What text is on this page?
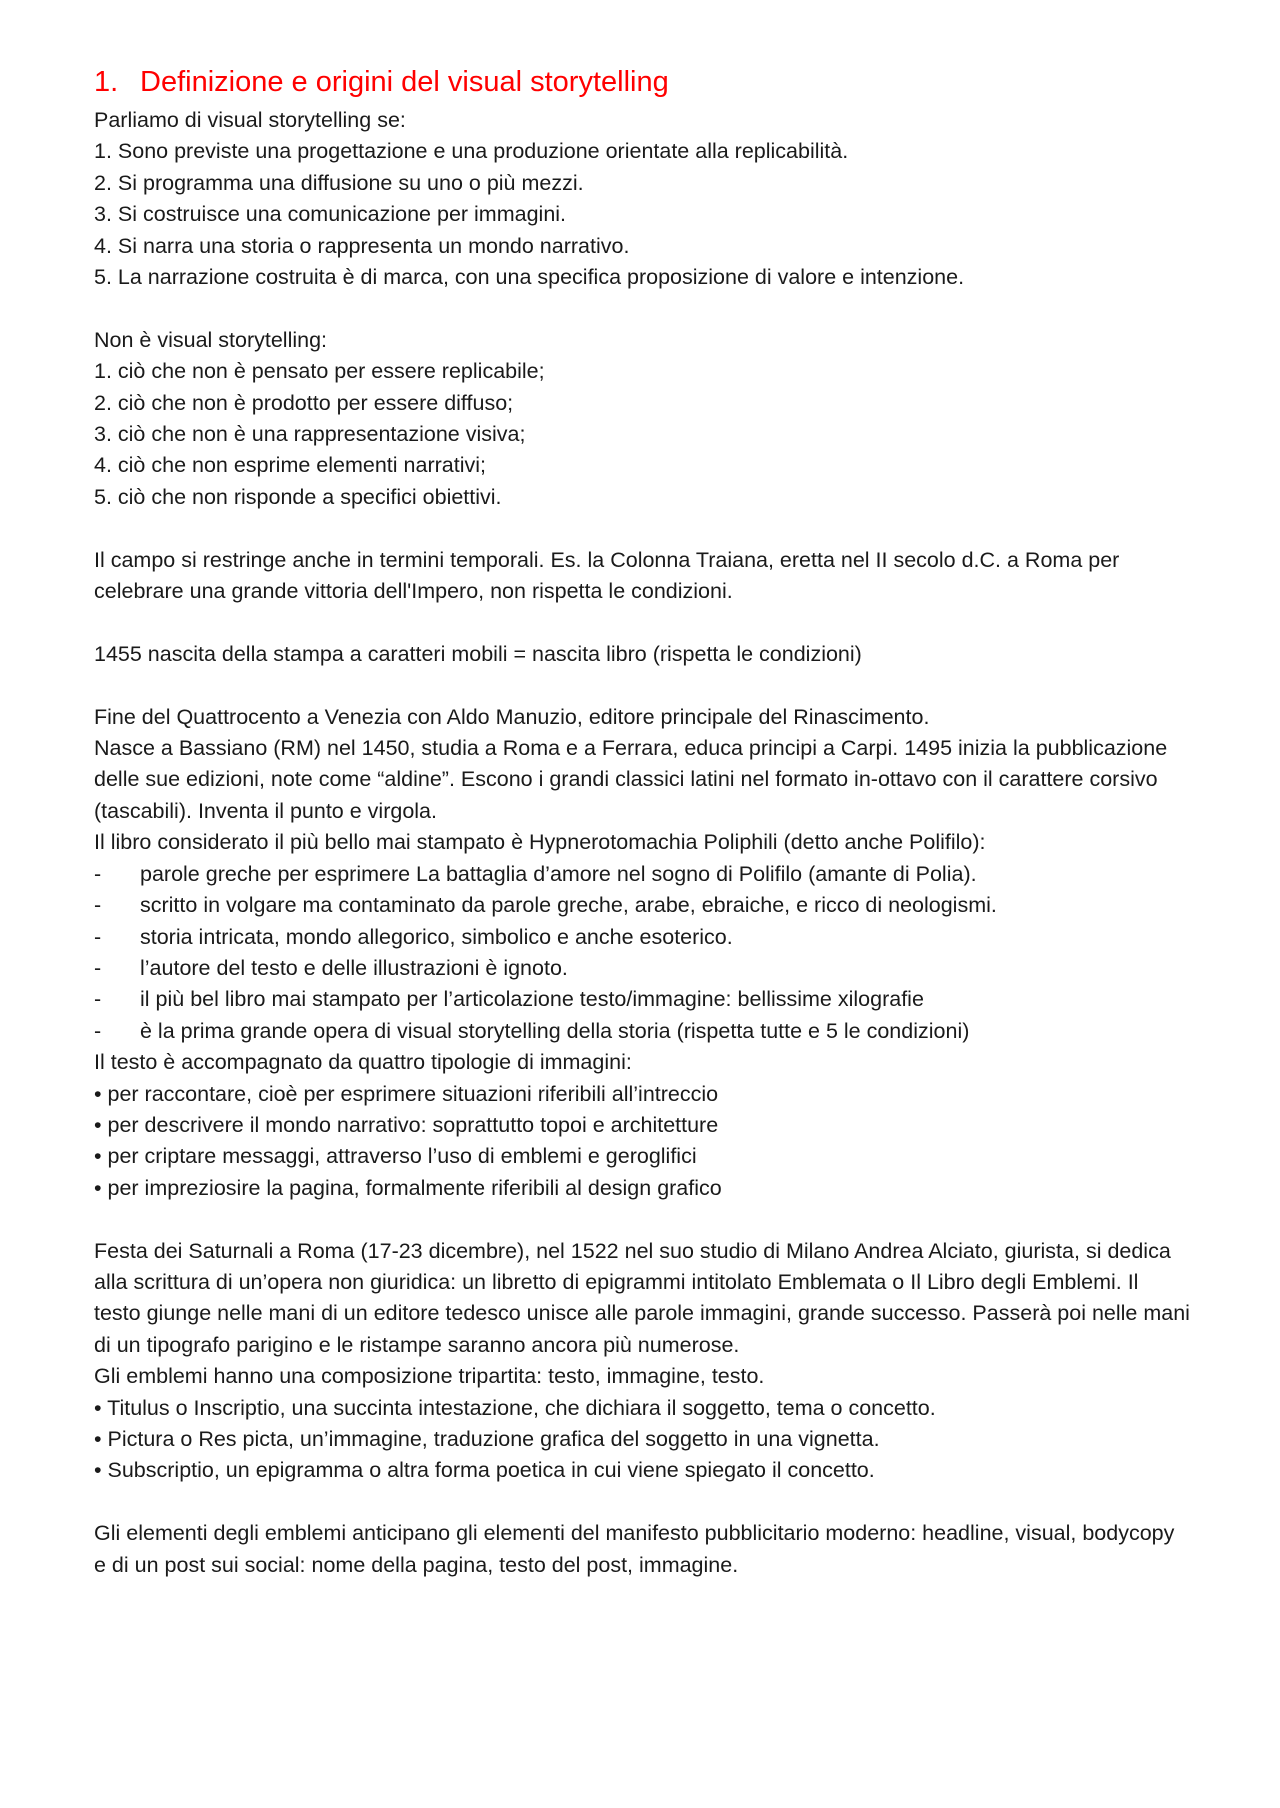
1. Definizione e origini del visual storytelling

Parliamo di visual storytelling se:

1. Sono previste una progettazione e una produzione orientate alla replicabilità.

2. Si programma una diffusione su uno o più mezzi.

3. Si costruisce una comunicazione per immagini.

4. Si narra una storia o rappresenta un mondo narrativo.

5. La narrazione costruita è di marca, con una specifica proposizione di valore e intenzione.

Non è visual storytelling:

1. ciò che non è pensato per essere replicabile;

2. ciò che non è prodotto per essere diffuso;

3. ciò che non è una rappresentazione visiva;

4. ciò che non esprime elementi narrativi;

5. ciò che non risponde a specifici obiettivi.

Il campo si restringe anche in termini temporali. Es. la Colonna Traiana, eretta nel II secolo d.C. a Roma per celebrare una grande vittoria dell'Impero, non rispetta le condizioni.

1455 nascita della stampa a caratteri mobili = nascita libro (rispetta le condizioni)

Fine del Quattrocento a Venezia con Aldo Manuzio, editore principale del Rinascimento.

Nasce a Bassiano (RM) nel 1450, studia a Roma e a Ferrara, educa principi a Carpi. 1495 inizia la pubblicazione delle sue edizioni, note come “aldine”. Escono i grandi classici latini nel formato in-ottavo con il carattere corsivo (tascabili). Inventa il punto e virgola.

Il libro considerato il più bello mai stampato è Hypnerotomachia Poliphili (detto anche Polifilo):

-	parole greche per esprimere La battaglia d’amore nel sogno di Polifilo (amante di Polia).
-	scritto in volgare ma contaminato da parole greche, arabe, ebraiche, e ricco di neologismi.
-	storia intricata, mondo allegorico, simbolico e anche esoterico.
-	l’autore del testo e delle illustrazioni è ignoto.
-	il più bel libro mai stampato per l’articolazione testo/immagine: bellissime xilografie
-	è la prima grande opera di visual storytelling della storia (rispetta tutte e 5 le condizioni)

Il testo è accompagnato da quattro tipologie di immagini:

• per raccontare, cioè per esprimere situazioni riferibili all’intreccio

• per descrivere il mondo narrativo: soprattutto topoi e architetture

• per criptare messaggi, attraverso l’uso di emblemi e geroglifici

• per impreziosire la pagina, formalmente riferibili al design grafico

Festa dei Saturnali a Roma (17-23 dicembre), nel 1522 nel suo studio di Milano Andrea Alciato, giurista, si dedica alla scrittura di un’opera non giuridica: un libretto di epigrammi intitolato Emblemata o Il Libro degli Emblemi. Il testo giunge nelle mani di un editore tedesco unisce alle parole immagini, grande successo. Passerà poi nelle mani di un tipografo parigino e le ristampe saranno ancora più numerose.

Gli emblemi hanno una composizione tripartita: testo, immagine, testo.

• Titulus o Inscriptio, una succinta intestazione, che dichiara il soggetto, tema o concetto.

• Pictura o Res picta, un’immagine, traduzione grafica del soggetto in una vignetta.

• Subscriptio, un epigramma o altra forma poetica in cui viene spiegato il concetto.

Gli elementi degli emblemi anticipano gli elementi del manifesto pubblicitario moderno: headline, visual, bodycopy e di un post sui social: nome della pagina, testo del post, immagine.
